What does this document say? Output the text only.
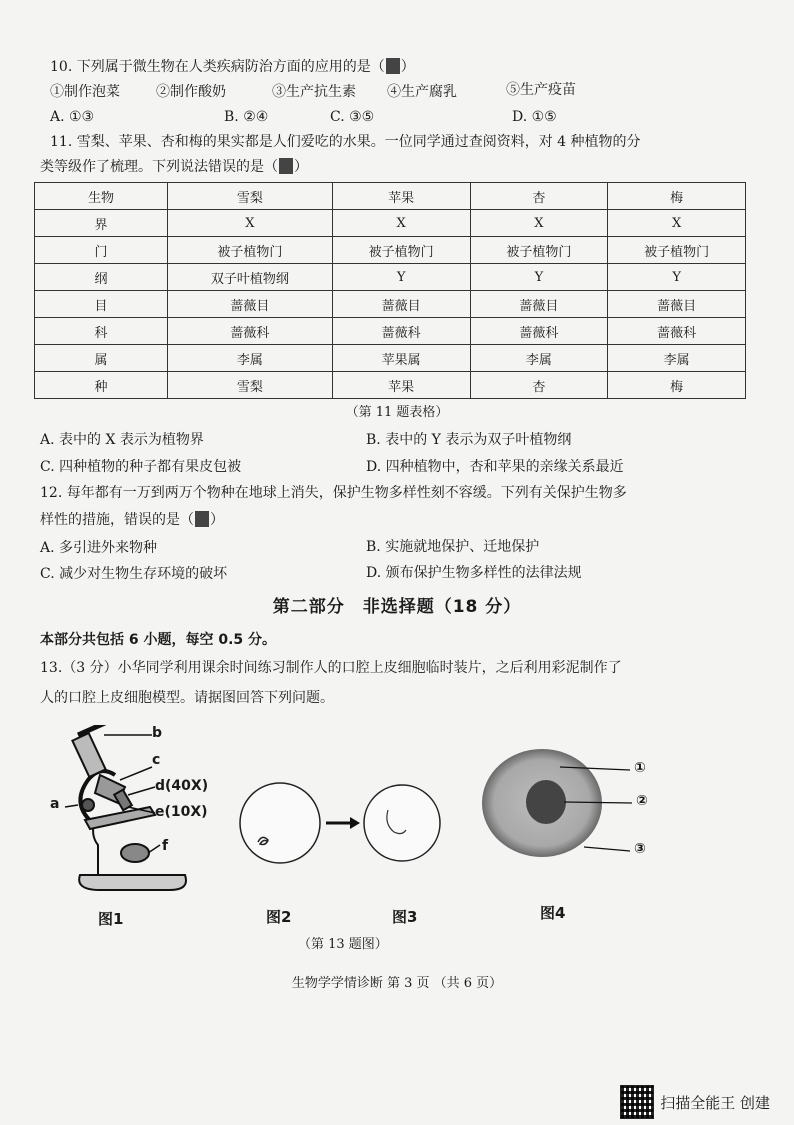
10. 下列属于微生物在人类疾病防治方面的应用的是（ ）
①制作泡菜	②制作酸奶	③生产抗生素 ④生产腐乳	⑤生产疫苗
A. ①③	B. ②④	C. ③⑤	D. ①⑤
11. 雪梨、苹果、杏和梅的果实都是人们爱吃的水果。一位同学通过查阅资料，对 4 种植物的分
类等级作了梳理。下列说法错误的是（ ）
生物	雪梨	苹果	杏	梅
界	X	X	X	X
门	被子植物门	被子植物门	被子植物门	被子植物门
纲	双子叶植物纲	Y	Y	Y
目	蔷薇目	蔷薇目	蔷薇目	蔷薇目
科	蔷薇科	蔷薇科	蔷薇科	蔷薇科
属	李属	苹果属	李属	李属
种	雪梨	苹果	杏	梅
（第 11 题表格）
A. 表中的 X 表示为植物界	B. 表中的 Y 表示为双子叶植物纲
C. 四种植物的种子都有果皮包被	D. 四种植物中，杏和苹果的亲缘关系最近
12. 每年都有一万到两万个物种在地球上消失，保护生物多样性刻不容缓。下列有关保护生物多
样性的措施，错误的是（ ）
A. 多引进外来物种	B. 实施就地保护、迁地保护
C. 减少对生物生存环境的破坏	D. 颁布保护生物多样性的法律法规
第二部分　非选择题（18 分）
本部分共包括 6 小题，每空 0.5 分。
13.（3 分）小华同学利用课余时间练习制作人的口腔上皮细胞临时装片，之后利用彩泥制作了
人的口腔上皮细胞模型。请据图回答下列问题。
b
c
d(40X)
e(10X)
a
f
①
②
③
图1	图2	图3	图4
（第 13 题图）
生物学学情诊断 第 3 页 （共 6 页）
扫描全能王 创建
